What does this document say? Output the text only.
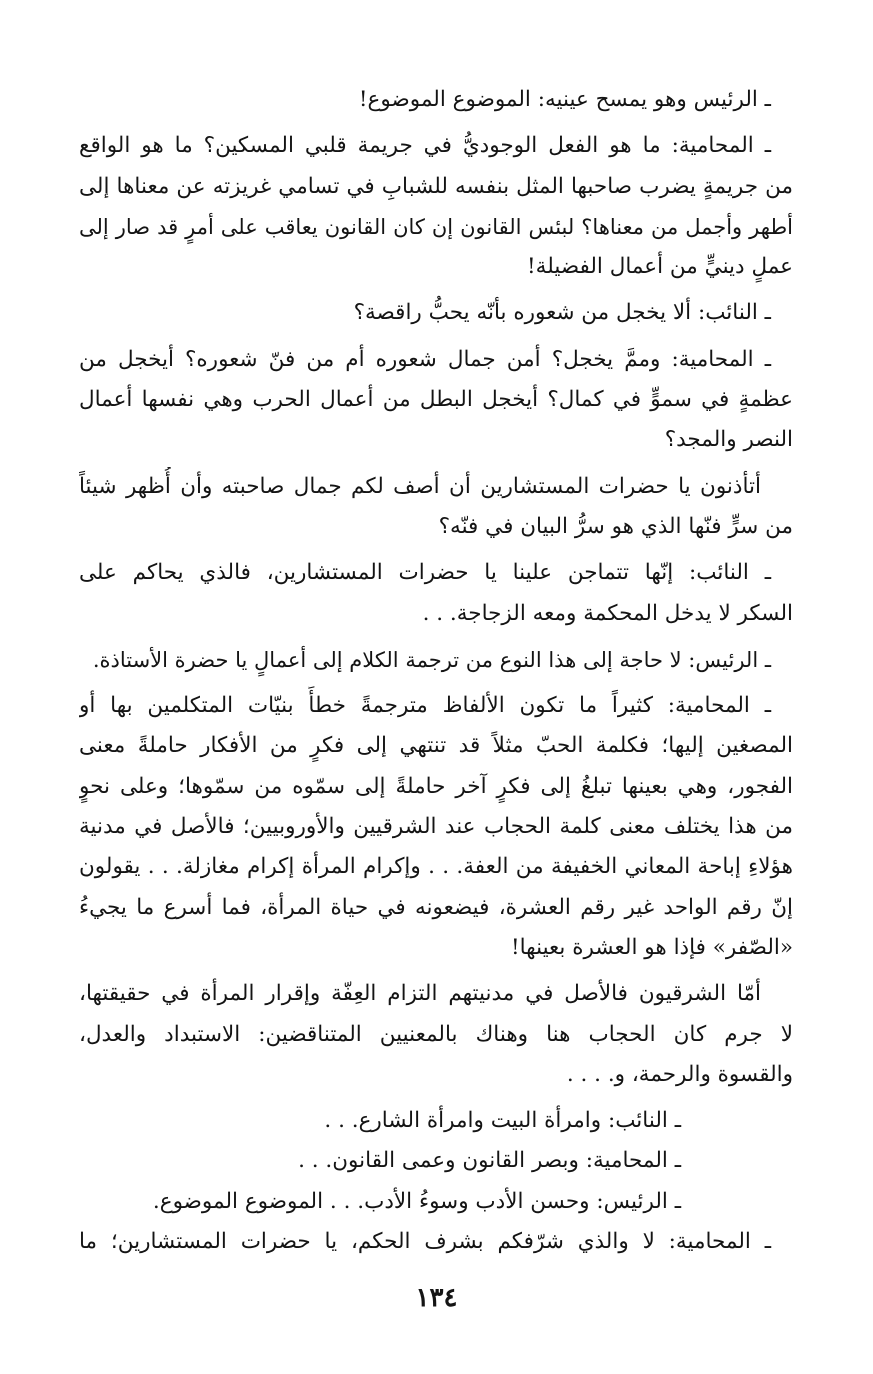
ـ الرئيس وهو يمسح عينيه: الموضوع الموضوع!
ـ المحامية: ما هو الفعل الوجوديُّ في جريمة قلبي المسكين؟ ما هو الواقع
من جريمةٍ يضرب صاحبها المثل بنفسه للشبابِ في تسامي غريزته عن معناها إلى
أطهر وأجمل من معناها؟ لبئس القانون إن كان القانون يعاقب على أمرٍ قد صار إلى
عملٍ دينيٍّ من أعمال الفضيلة!
ـ النائب: ألا يخجل من شعوره بأنّه يحبُّ راقصة؟
ـ المحامية: وممَّ يخجل؟ أمن جمال شعوره أم من فنّ شعوره؟ أيخجل من
عظمةٍ في سموٍّ في كمال؟ أيخجل البطل من أعمال الحرب وهي نفسها أعمال
النصر والمجد؟
أتأذنون يا حضرات المستشارين أن أصف لكم جمال صاحبته وأن أُظهر شيئاً
من سرٍّ فنّها الذي هو سرُّ البيان في فنّه؟
ـ النائب: إنّها تتماجن علينا يا حضرات المستشارين، فالذي يحاكم على
السكر لا يدخل المحكمة ومعه الزجاجة. . .
ـ الرئيس: لا حاجة إلى هذا النوع من ترجمة الكلام إلى أعمالٍ يا حضرة الأستاذة.
ـ المحامية: كثيراً ما تكون الألفاظ مترجمةً خطأً بنيّات المتكلمين بها أو
المصغين إليها؛ فكلمة الحبّ مثلاً قد تنتهي إلى فكرٍ من الأفكار حاملةً معنى
الفجور، وهي بعينها تبلغُ إلى فكرٍ آخر حاملةً إلى سمّوه من سمّوها؛ وعلى نحوٍ
من هذا يختلف معنى كلمة الحجاب عند الشرقيين والأوروبيين؛ فالأصل في مدنية
هؤلاءِ إباحة المعاني الخفيفة من العفة. . . وإكرام المرأة إكرام مغازلة. . . يقولون
إنّ رقم الواحد غير رقم العشرة، فيضعونه في حياة المرأة، فما أسرع ما يجيءُ
«الصّفر» فإذا هو العشرة بعينها!
أمّا الشرقيون فالأصل في مدنيتهم التزام العِفّة وإقرار المرأة في حقيقتها،
لا جرم كان الحجاب هنا وهناك بالمعنيين المتناقضين: الاستبداد والعدل،
والقسوة والرحمة، و. . . .
ـ النائب: وامرأة البيت وامرأة الشارع. . .
ـ المحامية: وبصر القانون وعمى القانون. . .
ـ الرئيس: وحسن الأدب وسوءُ الأدب. . . الموضوع الموضوع.
ـ المحامية: لا والذي شرّفكم بشرف الحكم، يا حضرات المستشارين؛ ما
١٣٤
